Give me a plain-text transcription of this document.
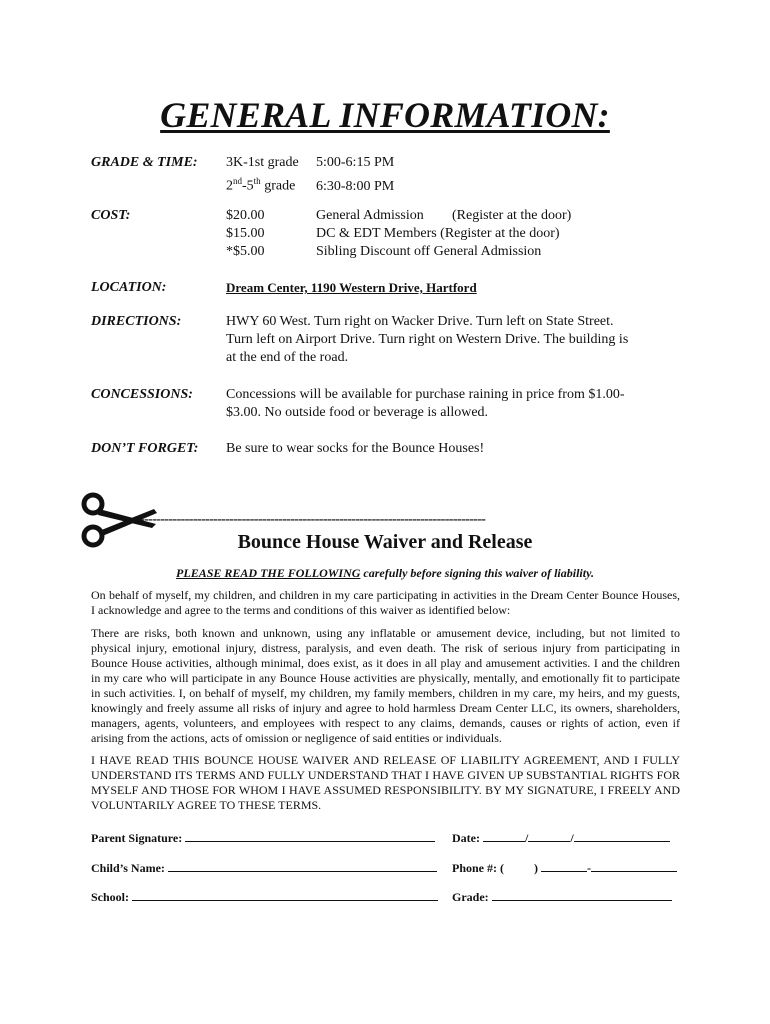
GENERAL INFORMATION:
GRADE & TIME:	3K-1st grade 5:00-6:15 PM
2nd-5th grade 6:30-8:00 PM
COST:	$20.00	General Admission (Register at the door)
$15.00	DC & EDT Members (Register at the door)
*$5.00	Sibling Discount off General Admission
LOCATION:	Dream Center, 1190 Western Drive, Hartford
DIRECTIONS:	HWY 60 West. Turn right on Wacker Drive. Turn left on State Street.
Turn left on Airport Drive. Turn right on Western Drive. The building is
at the end of the road.
CONCESSIONS:	Concessions will be available for purchase raining in price from $1.00-
$3.00. No outside food or beverage is allowed.
DON’T FORGET:	Be sure to wear socks for the Bounce Houses!
--------------------------------------------------------------------------------------
Bounce House Waiver and Release
PLEASE READ THE FOLLOWING carefully before signing this waiver of liability.
On behalf of myself, my children, and children in my care participating in activities in the Dream Center Bounce Houses, I acknowledge and agree to the terms and conditions of this waiver as identified below:
There are risks, both known and unknown, using any inflatable or amusement device, including, but not limited to physical injury, emotional injury, distress, paralysis, and even death. The risk of serious injury from participating in Bounce House activities, although minimal, does exist, as it does in all play and amusement activities. I and the children in my care who will participate in any Bounce House activities are physically, mentally, and emotionally fit to participate in such activities. I, on behalf of myself, my children, my family members, children in my care, my heirs, and my guests, knowingly and freely assume all risks of injury and agree to hold harmless Dream Center LLC, its owners, shareholders, managers, agents, volunteers, and employees with respect to any claims, demands, causes or rights of action, even if arising from the actions, acts of omission or negligence of said entities or individuals.
I HAVE READ THIS BOUNCE HOUSE WAIVER AND RELEASE OF LIABILITY AGREEMENT, AND I FULLY UNDERSTAND ITS TERMS AND FULLY UNDERSTAND THAT I HAVE GIVEN UP SUBSTANTIAL RIGHTS FOR MYSELF AND THOSE FOR WHOM I HAVE ASSUMED RESPONSIBILITY. BY MY SIGNATURE, I FREELY AND VOLUNTARILY AGREE TO THESE TERMS.
Parent Signature:	Date:	/	/
Child’s Name:	Phone #: (	)	-
School:	Grade:
